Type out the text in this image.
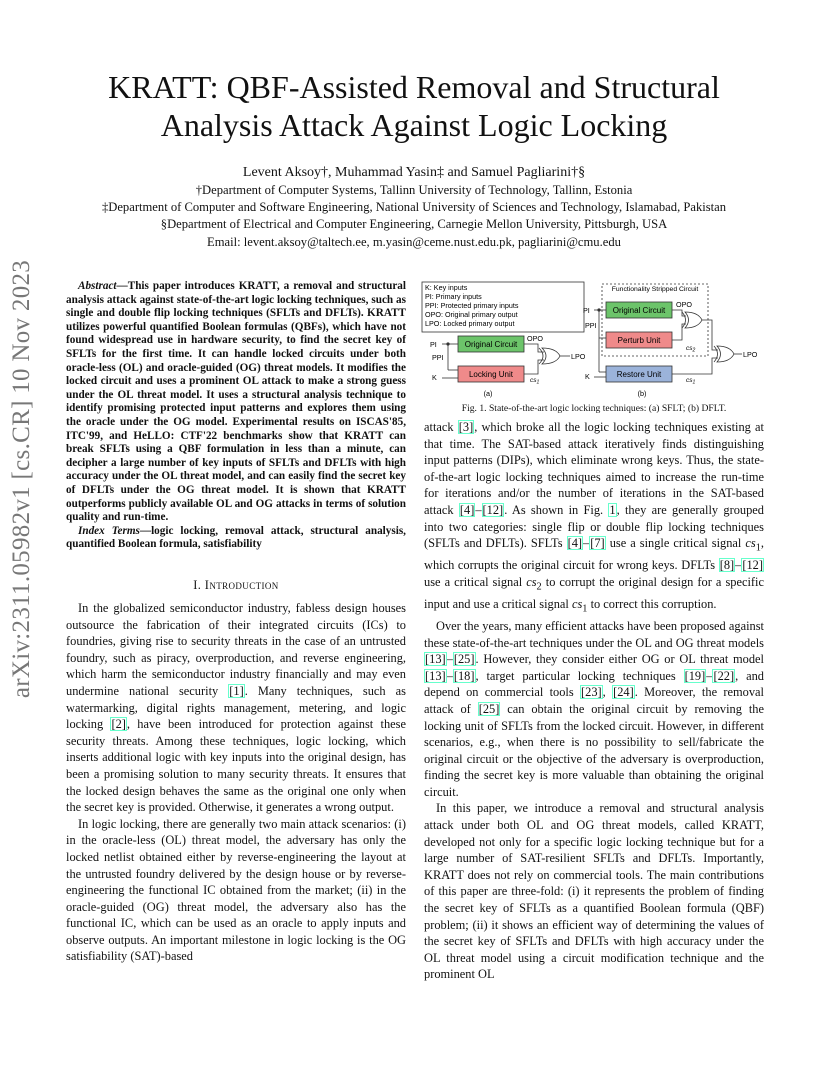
KRATT: QBF-Assisted Removal and Structural
Analysis Attack Against Logic Locking
Levent Aksoy†, Muhammad Yasin‡ and Samuel Pagliarini†§
†Department of Computer Systems, Tallinn University of Technology, Tallinn, Estonia
‡Department of Computer and Software Engineering, National University of Sciences and Technology, Islamabad, Pakistan
§Department of Electrical and Computer Engineering, Carnegie Mellon University, Pittsburgh, USA
Email: levent.aksoy@taltech.ee, m.yasin@ceme.nust.edu.pk, pagliarini@cmu.edu
arXiv:2311.05982v1 [cs.CR] 10 Nov 2023	Abstract—This paper introduces KRATT, a removal and structural analysis attack against state-of-the-art logic locking techniques, such as single and double flip locking techniques (SFLTs and DFLTs). KRATT utilizes powerful quantified Boolean formulas (QBFs), which have not found widespread use in hardware security, to find the secret key of SFLTs for the first time. It can handle locked circuits under both oracle-less (OL) and oracle-guided (OG) threat models. It modifies the locked circuit and uses a prominent OL attack to make a strong guess under the OL threat model. It uses a structural analysis technique to identify promising protected input patterns and explores them using the oracle under the OG model. Experimental results on ISCAS'85, ITC'99, and HeLLO: CTF'22 benchmarks show that KRATT can break SFLTs using a QBF formulation in less than a minute, can decipher a large number of key inputs of SFLTs and DFLTs with high accuracy under the OL threat model, and can easily find the secret key of DFLTs under the OG threat model. It is shown that KRATT outperforms publicly available OL and OG attacks in terms of solution quality and run-time.

Index Terms—logic locking, removal attack, structural analysis, quantified Boolean formula, satisfiability

I. Introduction

In the globalized semiconductor industry, fabless design houses outsource the fabrication of their integrated circuits (ICs) to foundries, giving rise to security threats in the case of an untrusted foundry, such as piracy, overproduction, and reverse engineering, which harm the semiconductor industry financially and may even undermine national security [1]. Many techniques, such as watermarking, digital rights management, metering, and logic locking [2], have been introduced for protection against these security threats. Among these techniques, logic locking, which inserts additional logic with key inputs into the original design, has been a promising solution to many security threats. It ensures that the locked design behaves the same as the original one only when the secret key is provided. Otherwise, it generates a wrong output.

In logic locking, there are generally two main attack scenarios: (i) in the oracle-less (OL) threat model, the adversary has only the locked netlist obtained either by reverse-engineering the layout at the untrusted foundry delivered by the design house or by reverse-engineering the functional IC obtained from the market; (ii) in the oracle-guided (OG) threat model, the adversary also has the functional IC, which can be used as an oracle to apply inputs and observe outputs. An important milestone in logic locking is the OG satisfiability (SAT)-based

K: Key inputs
PI: Primary inputs
PPI: Protected primary inputs
OPO: Original primary output
LPO: Locked primary output
Original Circuit
Locking Unit
PI
PPI
K
OPO
LPO
$cs_1$
(a)
Functionality Stripped Circuit
Original Circuit
Perturb Unit
Restore Unit
PI
PPI
K
OPO
LPO
$cs_2$
$cs_1$
(b)
Fig. 1. State-of-the-art logic locking techniques: (a) SFLT; (b) DFLT.

attack [3], which broke all the logic locking techniques existing at that time. The SAT-based attack iteratively finds distinguishing input patterns (DIPs), which eliminate wrong keys. Thus, the state-of-the-art logic locking techniques aimed to increase the run-time for iterations and/or the number of iterations in the SAT-based attack [4]–[12]. As shown in Fig. 1, they are generally grouped into two categories: single flip or double flip locking techniques (SFLTs and DFLTs). SFLTs [4]–[7] use a single critical signal $cs_1$, which corrupts the original circuit for wrong keys. DFLTs [8]–[12] use a critical signal $cs_2$ to corrupt the original design for a specific input and use a critical signal $cs_1$ to correct this corruption.

Over the years, many efficient attacks have been proposed against these state-of-the-art techniques under the OL and OG threat models [13]–[25]. However, they consider either OG or OL threat model [13]–[18], target particular locking techniques [19]–[22], and depend on commercial tools [23], [24]. Moreover, the removal attack of [25] can obtain the original circuit by removing the locking unit of SFLTs from the locked circuit. However, in different scenarios, e.g., when there is no possibility to sell/fabricate the original circuit or the objective of the adversary is overproduction, finding the secret key is more valuable than obtaining the original circuit.

In this paper, we introduce a removal and structural analysis attack under both OL and OG threat models, called KRATT, developed not only for a specific logic locking technique but for a large number of SAT-resilient SFLTs and DFLTs. Importantly, KRATT does not rely on commercial tools. The main contributions of this paper are three-fold: (i) it represents the problem of finding the secret key of SFLTs as a quantified Boolean formula (QBF) problem; (ii) it shows an efficient way of determining the values of the secret key of SFLTs and DFLTs with high accuracy under the OL threat model using a circuit modification technique and the prominent OL
